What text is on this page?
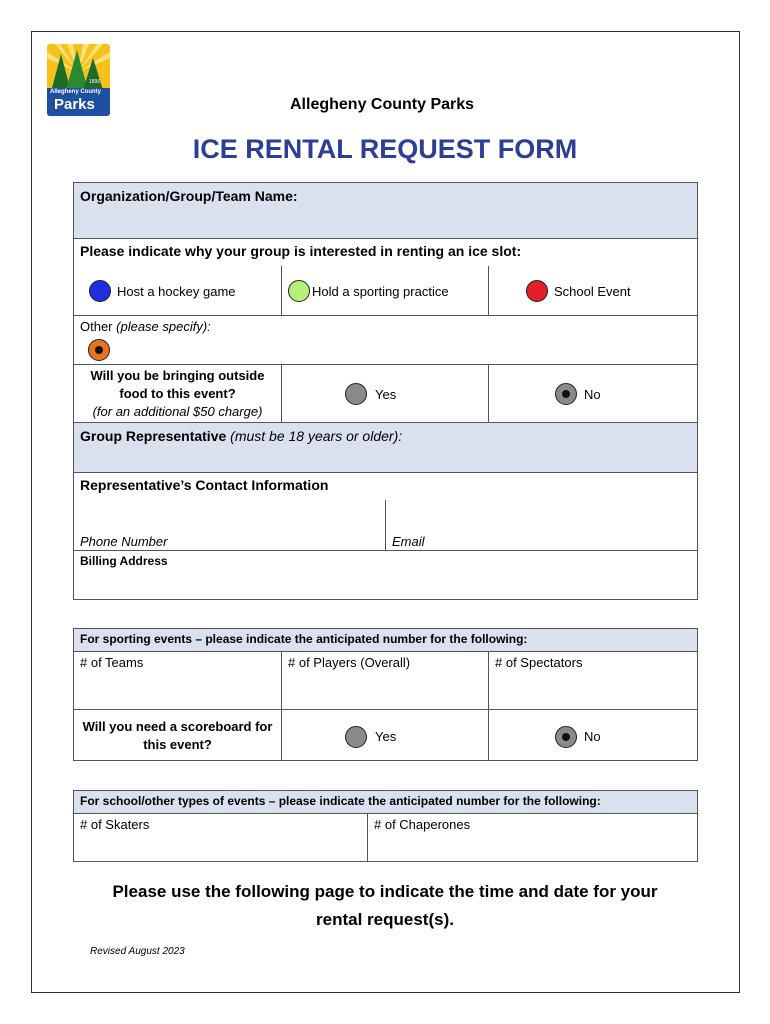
1896
Allegheny County
Parks	Allegheny County Parks
ICE RENTAL REQUEST FORM
Organization/Group/Team Name:
Please indicate why your group is interested in renting an ice slot:
Host a hockey game	Hold a sporting practice	School Event
Other (please specify):
Will you be bringing outside
food to this event?
(for an additional $50 charge)
Yes	No
Group Representative (must be 18 years or older):
Representative’s Contact Information
Phone Number	Email
Billing Address
For sporting events – please indicate the anticipated number for the following:
# of Teams	# of Players (Overall)	# of Spectators
Will you need a scoreboard for
this event?
Yes	No
For school/other types of events – please indicate the anticipated number for the following:
# of Skaters	# of Chaperones
Please use the following page to indicate the time and date for your
rental request(s).
Revised August 2023
